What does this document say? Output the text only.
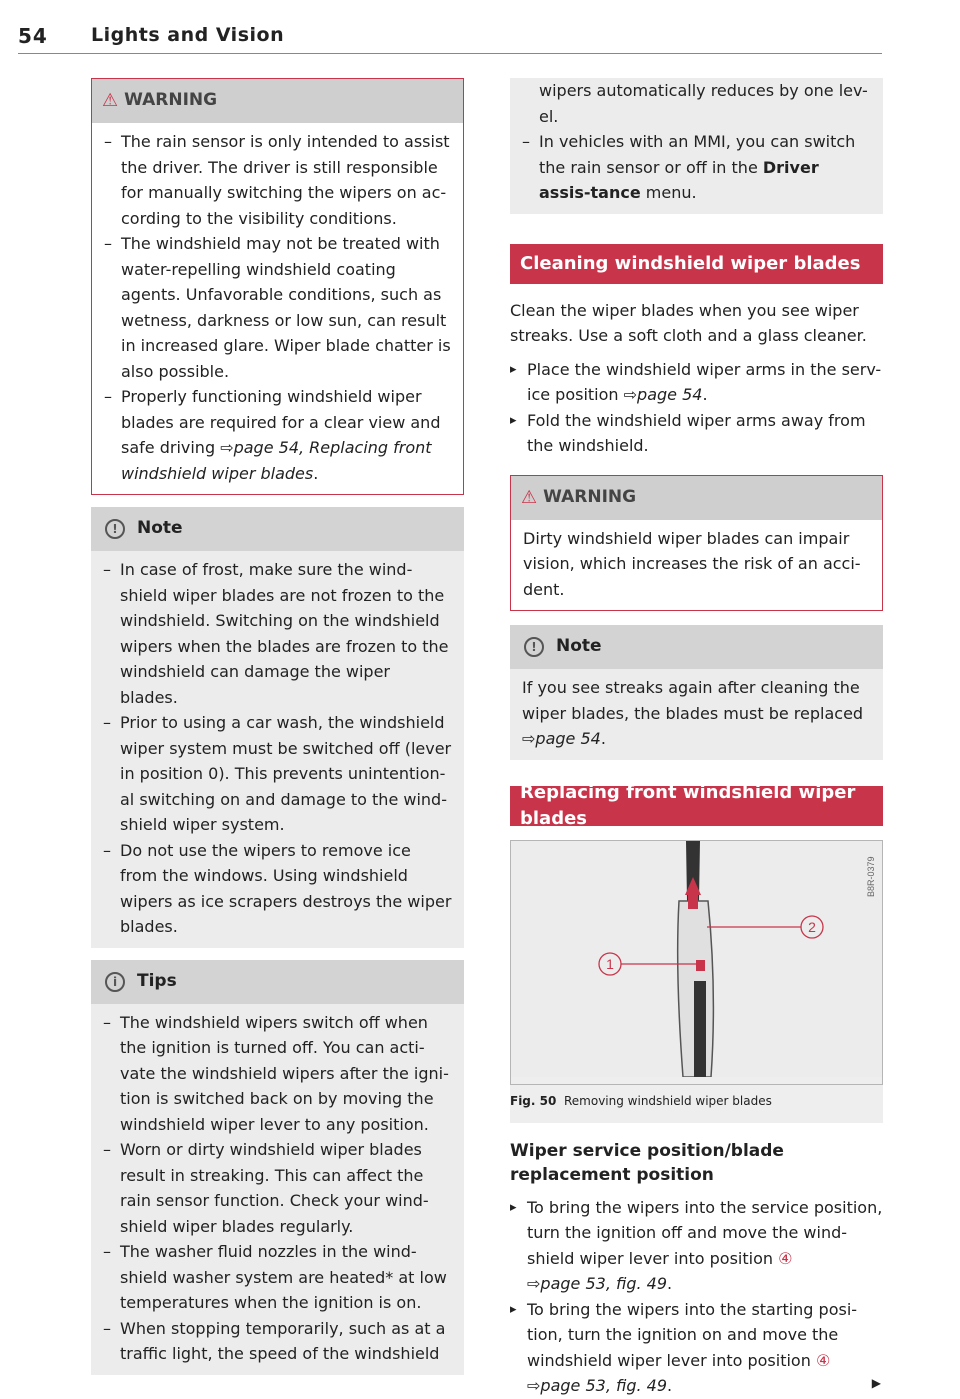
54 Lights and Vision
⚠ WARNING
– The rain sensor is only intended to assist the driver. The driver is still responsible for manually switching the wipers on ac-cording to the visibility conditions.
– The windshield may not be treated with water-repelling windshield coating agents. Unfavorable conditions, such as wetness, darkness or low sun, can result in increased glare. Wiper blade chatter is also possible.
– Properly functioning windshield wiper blades are required for a clear view and safe driving ⇨page 54, Replacing front windshield wiper blades.
!	Note
– In case of frost, make sure the wind-shield wiper blades are not frozen to the windshield. Switching on the windshield wipers when the blades are frozen to the windshield can damage the wiper blades.
– Prior to using a car wash, the windshield wiper system must be switched off (lever in position 0). This prevents unintention-al switching on and damage to the wind-shield wiper system.
– Do not use the wipers to remove ice from the windows. Using windshield wipers as ice scrapers destroys the wiper blades.
i	Tips
– The windshield wipers switch off when the ignition is turned off. You can acti-vate the windshield wipers after the igni-tion is switched back on by moving the windshield wiper lever to any position.
– Worn or dirty windshield wiper blades result in streaking. This can affect the rain sensor function. Check your wind-shield wiper blades regularly.
– The washer fluid nozzles in the wind-shield washer system are heated* at low temperatures when the ignition is on.
– When stopping temporarily, such as at a traffic light, the speed of the windshield
wipers automatically reduces by one lev-el.
– In vehicles with an MMI, you can switch the rain sensor or off in the Driver assis-tance menu.
Cleaning windshield wiper blades

Clean the wiper blades when you see wiper streaks. Use a soft cloth and a glass cleaner.

▸ Place the windshield wiper arms in the serv-ice position ⇨page 54.
▸ Fold the windshield wiper arms away from the windshield.
⚠ WARNING
Dirty windshield wiper blades can impair vision, which increases the risk of an acci-dent.
!	Note
If you see streaks again after cleaning the wiper blades, the blades must be replaced ⇨page 54.
Replacing front windshield wiper blades
1
2
B8R-0379
Fig. 50 Removing windshield wiper blades
Wiper service position/blade replacement position
▸ To bring the wipers into the service position, turn the ignition off and move the wind-shield wiper lever into position ④
⇨page 53, fig. 49.
▸ To bring the wipers into the starting posi-tion, turn the ignition on and move the windshield wiper lever into position ④
⇨page 53, fig. 49.	▶
